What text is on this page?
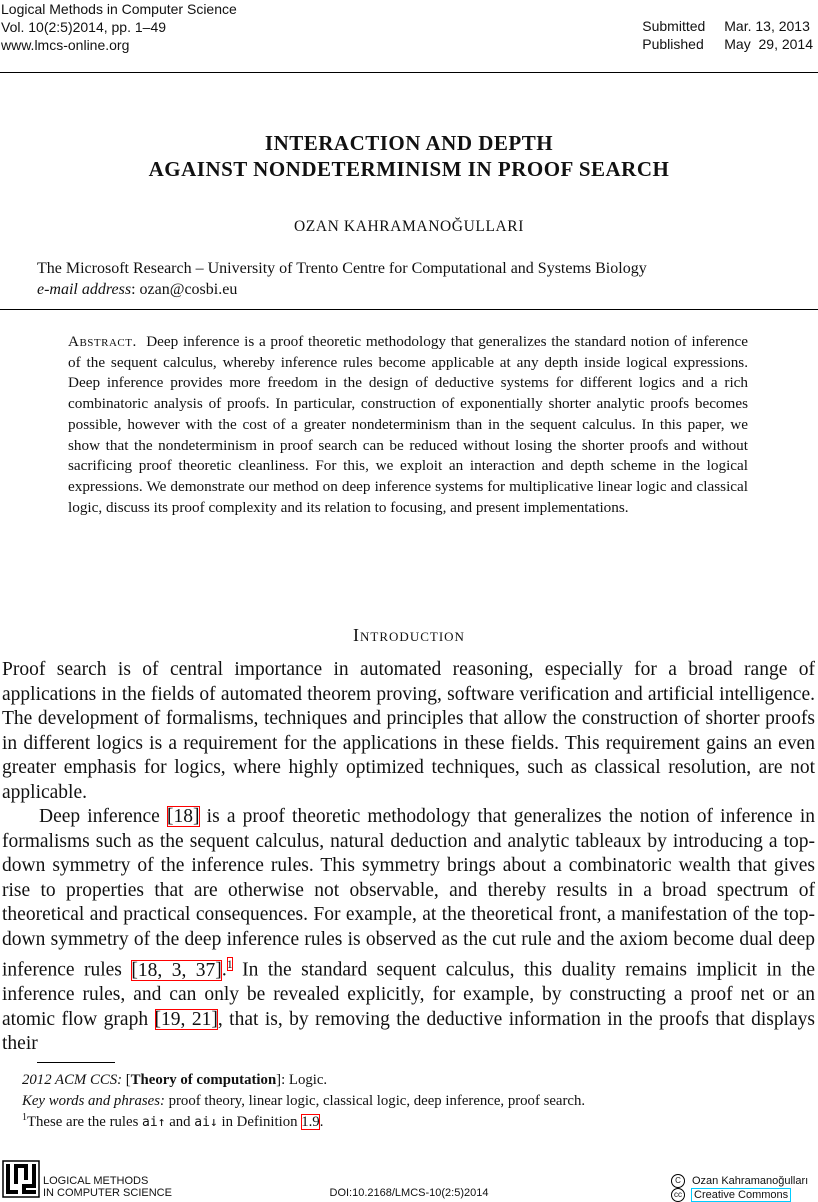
Logical Methods in Computer Science
Vol. 10(2:5)2014, pp. 1–49
www.lmcs-online.org
Submitted Mar. 13, 2013
Published May  29, 2014
INTERACTION AND DEPTH
AGAINST NONDETERMINISM IN PROOF SEARCH
OZAN KAHRAMANOĞULLARI
The Microsoft Research – University of Trento Centre for Computational and Systems Biology
e-mail address: ozan@cosbi.eu
Abstract. Deep inference is a proof theoretic methodology that generalizes the standard notion of inference of the sequent calculus, whereby inference rules become applicable at any depth inside logical expressions. Deep inference provides more freedom in the design of deductive systems for different logics and a rich combinatoric analysis of proofs. In particular, construction of exponentially shorter analytic proofs becomes possible, however with the cost of a greater nondeterminism than in the sequent calculus. In this paper, we show that the nondeterminism in proof search can be reduced without losing the shorter proofs and without sacrificing proof theoretic cleanliness. For this, we exploit an interaction and depth scheme in the logical expressions. We demonstrate our method on deep inference systems for multiplicative linear logic and classical logic, discuss its proof complexity and its relation to focusing, and present implementations.
Introduction

Proof search is of central importance in automated reasoning, especially for a broad range of applications in the fields of automated theorem proving, software verification and artificial intelligence. The development of formalisms, techniques and principles that allow the construction of shorter proofs in different logics is a requirement for the applications in these fields. This requirement gains an even greater emphasis for logics, where highly optimized techniques, such as classical resolution, are not applicable.

Deep inference [18] is a proof theoretic methodology that generalizes the notion of inference in formalisms such as the sequent calculus, natural deduction and analytic tableaux by introducing a top-down symmetry of the inference rules. This symmetry brings about a combinatoric wealth that gives rise to properties that are otherwise not observable, and thereby results in a broad spectrum of theoretical and practical consequences. For example, at the theoretical front, a manifestation of the top-down symmetry of the deep inference rules is observed as the cut rule and the axiom become dual deep inference rules [18, 3, 37].$^1$ In the standard sequent calculus, this duality remains implicit in the inference rules, and can only be revealed explicitly, for example, by constructing a proof net or an atomic flow graph [19, 21], that is, by removing the deductive information in the proofs that displays their

2012 ACM CCS: [Theory of computation]: Logic.
Key words and phrases: proof theory, linear logic, classical logic, deep inference, proof search.
$^1$These are the rules ai↑ and ai↓ in Definition 1.9.
LOGICAL METHODS
IN COMPUTER SCIENCE	DOI:10.2168/LMCS-10(2:5)2014
C Ozan Kahramanoğulları
cc Creative Commons
